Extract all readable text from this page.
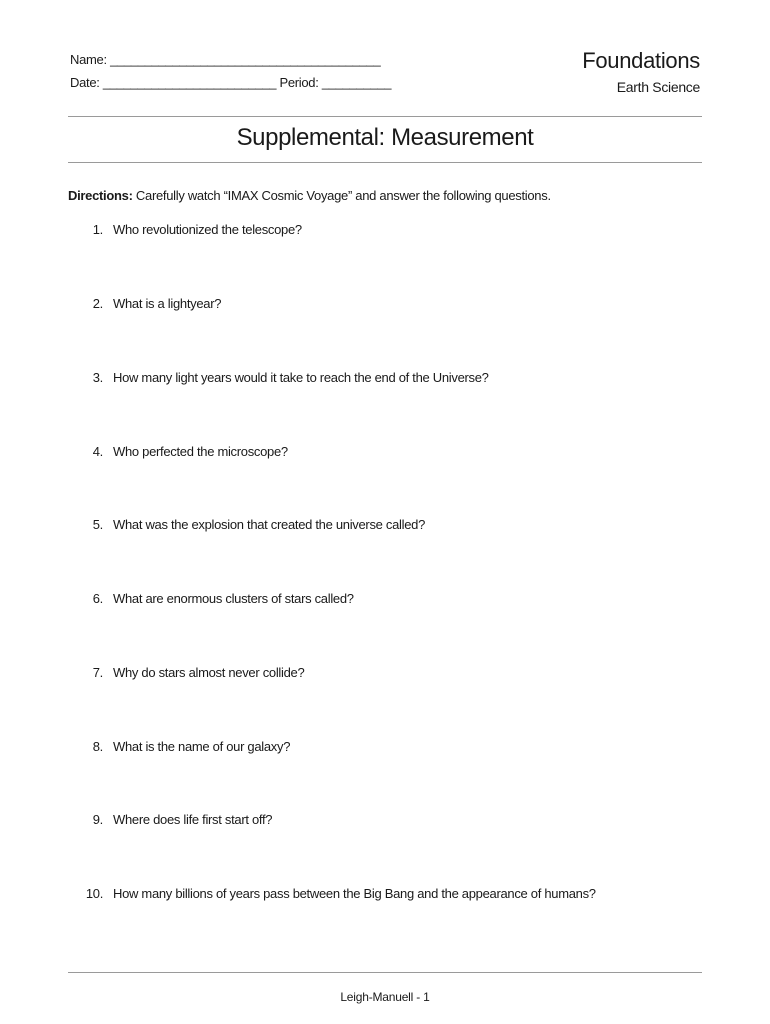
Name: _______________________________________
Date: _________________________ Period: __________
Foundations
Earth Science
Supplemental: Measurement
Directions: Carefully watch “IMAX Cosmic Voyage” and answer the following questions.
1. Who revolutionized the telescope?
2. What is a lightyear?
3. How many light years would it take to reach the end of the Universe?
4. Who perfected the microscope?
5. What was the explosion that created the universe called?
6. What are enormous clusters of stars called?
7. Why do stars almost never collide?
8. What is the name of our galaxy?
9. Where does life first start off?
10. How many billions of years pass between the Big Bang and the appearance of humans?
Leigh-Manuell - 1
